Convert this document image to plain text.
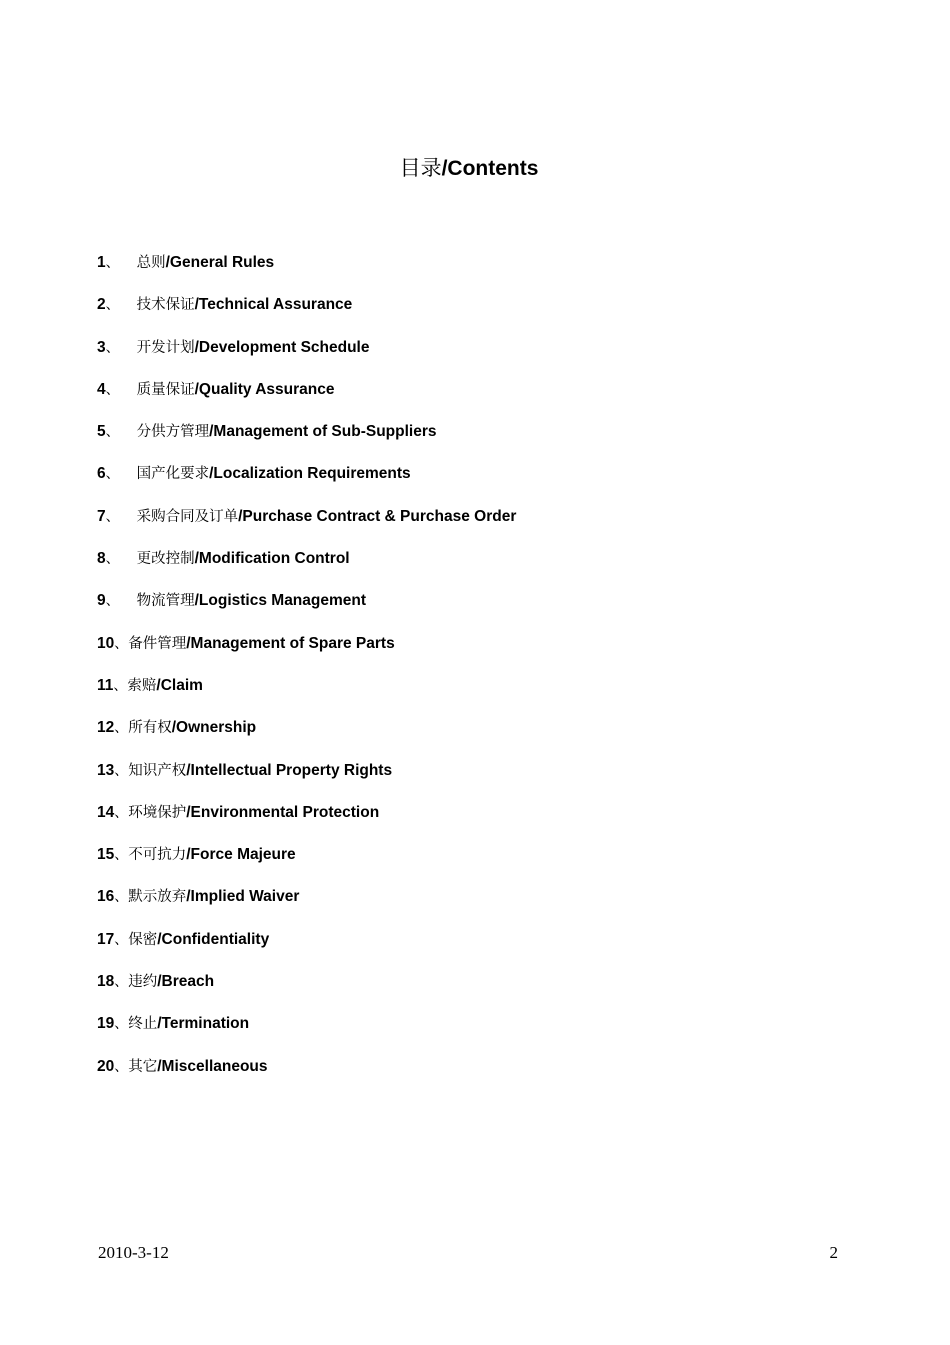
目录/Contents
1、 总则/General Rules
2、 技术保证/Technical Assurance
3、 开发计划/Development Schedule
4、 质量保证/Quality Assurance
5、 分供方管理/Management of Sub-Suppliers
6、 国产化要求/Localization Requirements
7、 采购合同及订单/Purchase Contract & Purchase Order
8、 更改控制/Modification Control
9、 物流管理/Logistics Management
10、备件管理/Management of Spare Parts
11、索赔/Claim
12、所有权/Ownership
13、知识产权/Intellectual Property Rights
14、环境保护/Environmental Protection
15、不可抗力/Force Majeure
16、默示放弃/Implied Waiver
17、保密/Confidentiality
18、违约/Breach
19、终止/Termination
20、其它/Miscellaneous
2010-3-12	2
